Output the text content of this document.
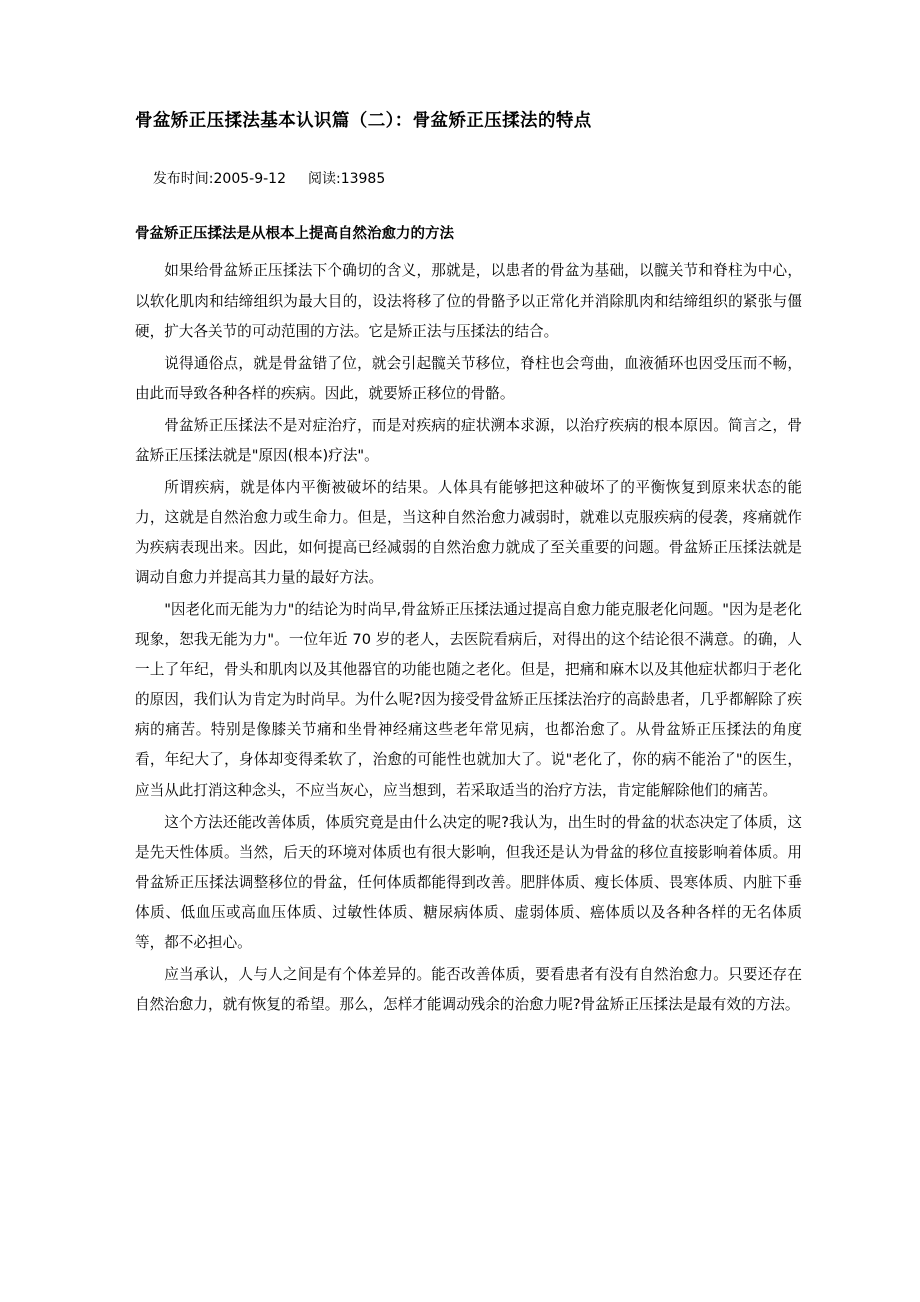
骨盆矫正压揉法基本认识篇（二）：骨盆矫正压揉法的特点

发布时间:2005-9-12 阅读:13985

骨盆矫正压揉法是从根本上提高自然治愈力的方法

如果给骨盆矫正压揉法下个确切的含义，那就是，以患者的骨盆为基础，以髋关节和脊柱为中心，以软化肌肉和结缔组织为最大目的，设法将移了位的骨骼予以正常化并消除肌肉和结缔组织的紧张与僵硬，扩大各关节的可动范围的方法。它是矫正法与压揉法的结合。

说得通俗点，就是骨盆错了位，就会引起髋关节移位，脊柱也会弯曲，血液循环也因受压而不畅，由此而导致各种各样的疾病。因此，就要矫正移位的骨骼。

骨盆矫正压揉法不是对症治疗，而是对疾病的症状溯本求源，以治疗疾病的根本原因。简言之，骨盆矫正压揉法就是"原因(根本)疗法"。

所谓疾病，就是体内平衡被破坏的结果。人体具有能够把这种破坏了的平衡恢复到原来状态的能力，这就是自然治愈力或生命力。但是，当这种自然治愈力减弱时，就难以克服疾病的侵袭，疼痛就作为疾病表现出来。因此，如何提高已经减弱的自然治愈力就成了至关重要的问题。骨盆矫正压揉法就是调动自愈力并提高其力量的最好方法。

"因老化而无能为力"的结论为时尚早,骨盆矫正压揉法通过提高自愈力能克服老化问题。"因为是老化现象，恕我无能为力"。一位年近 70 岁的老人，去医院看病后，对得出的这个结论很不满意。的确，人一上了年纪，骨头和肌肉以及其他器官的功能也随之老化。但是，把痛和麻木以及其他症状都归于老化的原因，我们认为肯定为时尚早。为什么呢?因为接受骨盆矫正压揉法治疗的高龄患者，几乎都解除了疾病的痛苦。特别是像膝关节痛和坐骨神经痛这些老年常见病，也都治愈了。从骨盆矫正压揉法的角度看，年纪大了，身体却变得柔软了，治愈的可能性也就加大了。说"老化了，你的病不能治了"的医生，应当从此打消这种念头，不应当灰心，应当想到，若采取适当的治疗方法，肯定能解除他们的痛苦。

这个方法还能改善体质，体质究竟是由什么决定的呢?我认为，出生时的骨盆的状态决定了体质，这是先天性体质。当然，后天的环境对体质也有很大影响，但我还是认为骨盆的移位直接影响着体质。用骨盆矫正压揉法调整移位的骨盆，任何体质都能得到改善。肥胖体质、瘦长体质、畏寒体质、内脏下垂体质、低血压或高血压体质、过敏性体质、糖尿病体质、虚弱体质、癌体质以及各种各样的无名体质等，都不必担心。

应当承认，人与人之间是有个体差异的。能否改善体质，要看患者有没有自然治愈力。只要还存在自然治愈力，就有恢复的希望。那么，怎样才能调动残余的治愈力呢?骨盆矫正压揉法是最有效的方法。
